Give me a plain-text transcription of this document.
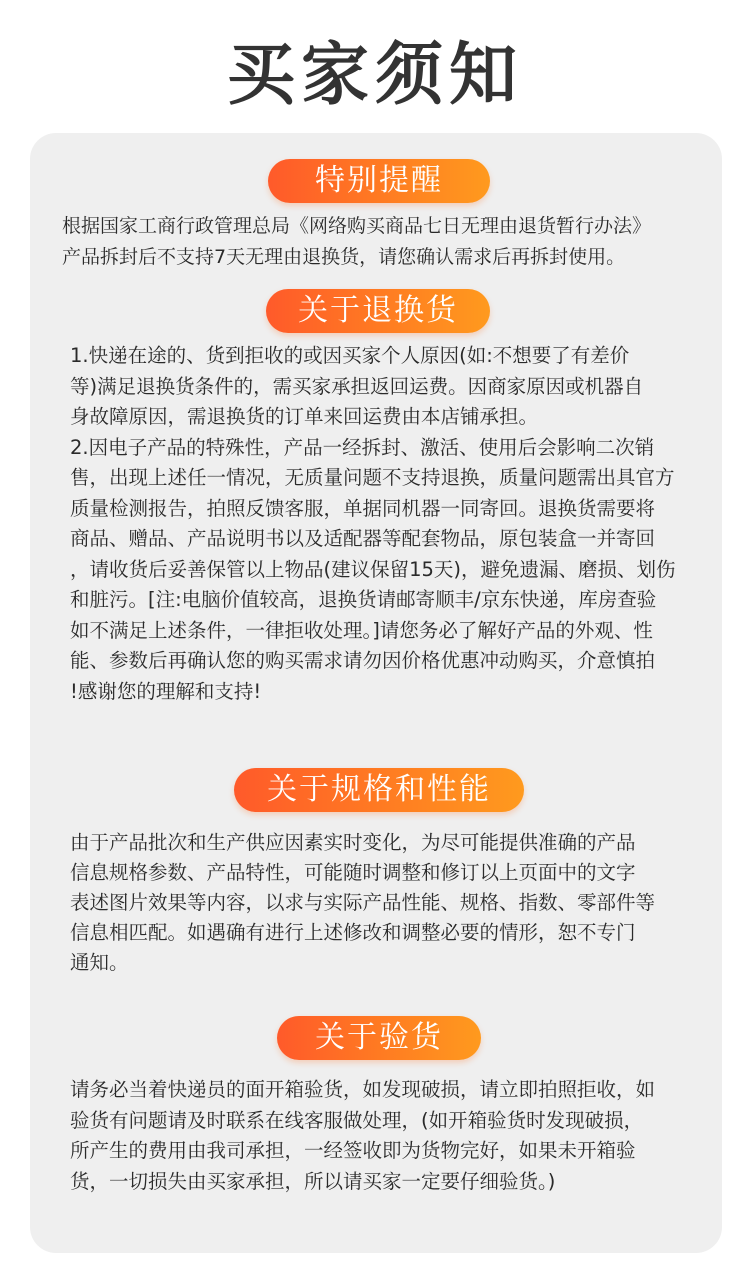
买家须知
特别提醒

根据国家工商行政管理总局《网络购买商品七日无理由退货暂行办法》
产品拆封后不支持7天无理由退换货，请您确认需求后再拆封使用。

关于退换货

1.快递在途的、货到拒收的或因买家个人原因(如:不想要了有差价
等)满足退换货条件的，需买家承担返回运费。因商家原因或机器自
身故障原因，需退换货的订单来回运费由本店铺承担。
2.因电子产品的特殊性，产品一经拆封、激活、使用后会影响二次销
售，出现上述任一情况，无质量问题不支持退换，质量问题需出具官方
质量检测报告，拍照反馈客服，单据同机器一同寄回。退换货需要将
商品、赠品、产品说明书以及适配器等配套物品，原包装盒一并寄回
，请收货后妥善保管以上物品(建议保留15天)，避免遗漏、磨损、划伤
和脏污。[注:电脑价值较高，退换货请邮寄顺丰/京东快递，库房查验
如不满足上述条件，一律拒收处理。]请您务必了解好产品的外观、性
能、参数后再确认您的购买需求请勿因价格优惠冲动购买，介意慎拍
!感谢您的理解和支持!

关于规格和性能

由于产品批次和生产供应因素实时变化，为尽可能提供准确的产品
信息规格参数、产品特性，可能随时调整和修订以上页面中的文字
表述图片效果等内容，以求与实际产品性能、规格、指数、零部件等
信息相匹配。如遇确有进行上述修改和调整必要的情形，恕不专门
通知。

关于验货

请务必当着快递员的面开箱验货，如发现破损，请立即拍照拒收，如
验货有问题请及时联系在线客服做处理，(如开箱验货时发现破损，
所产生的费用由我司承担，一经签收即为货物完好，如果未开箱验
货，一切损失由买家承担，所以请买家一定要仔细验货。)
